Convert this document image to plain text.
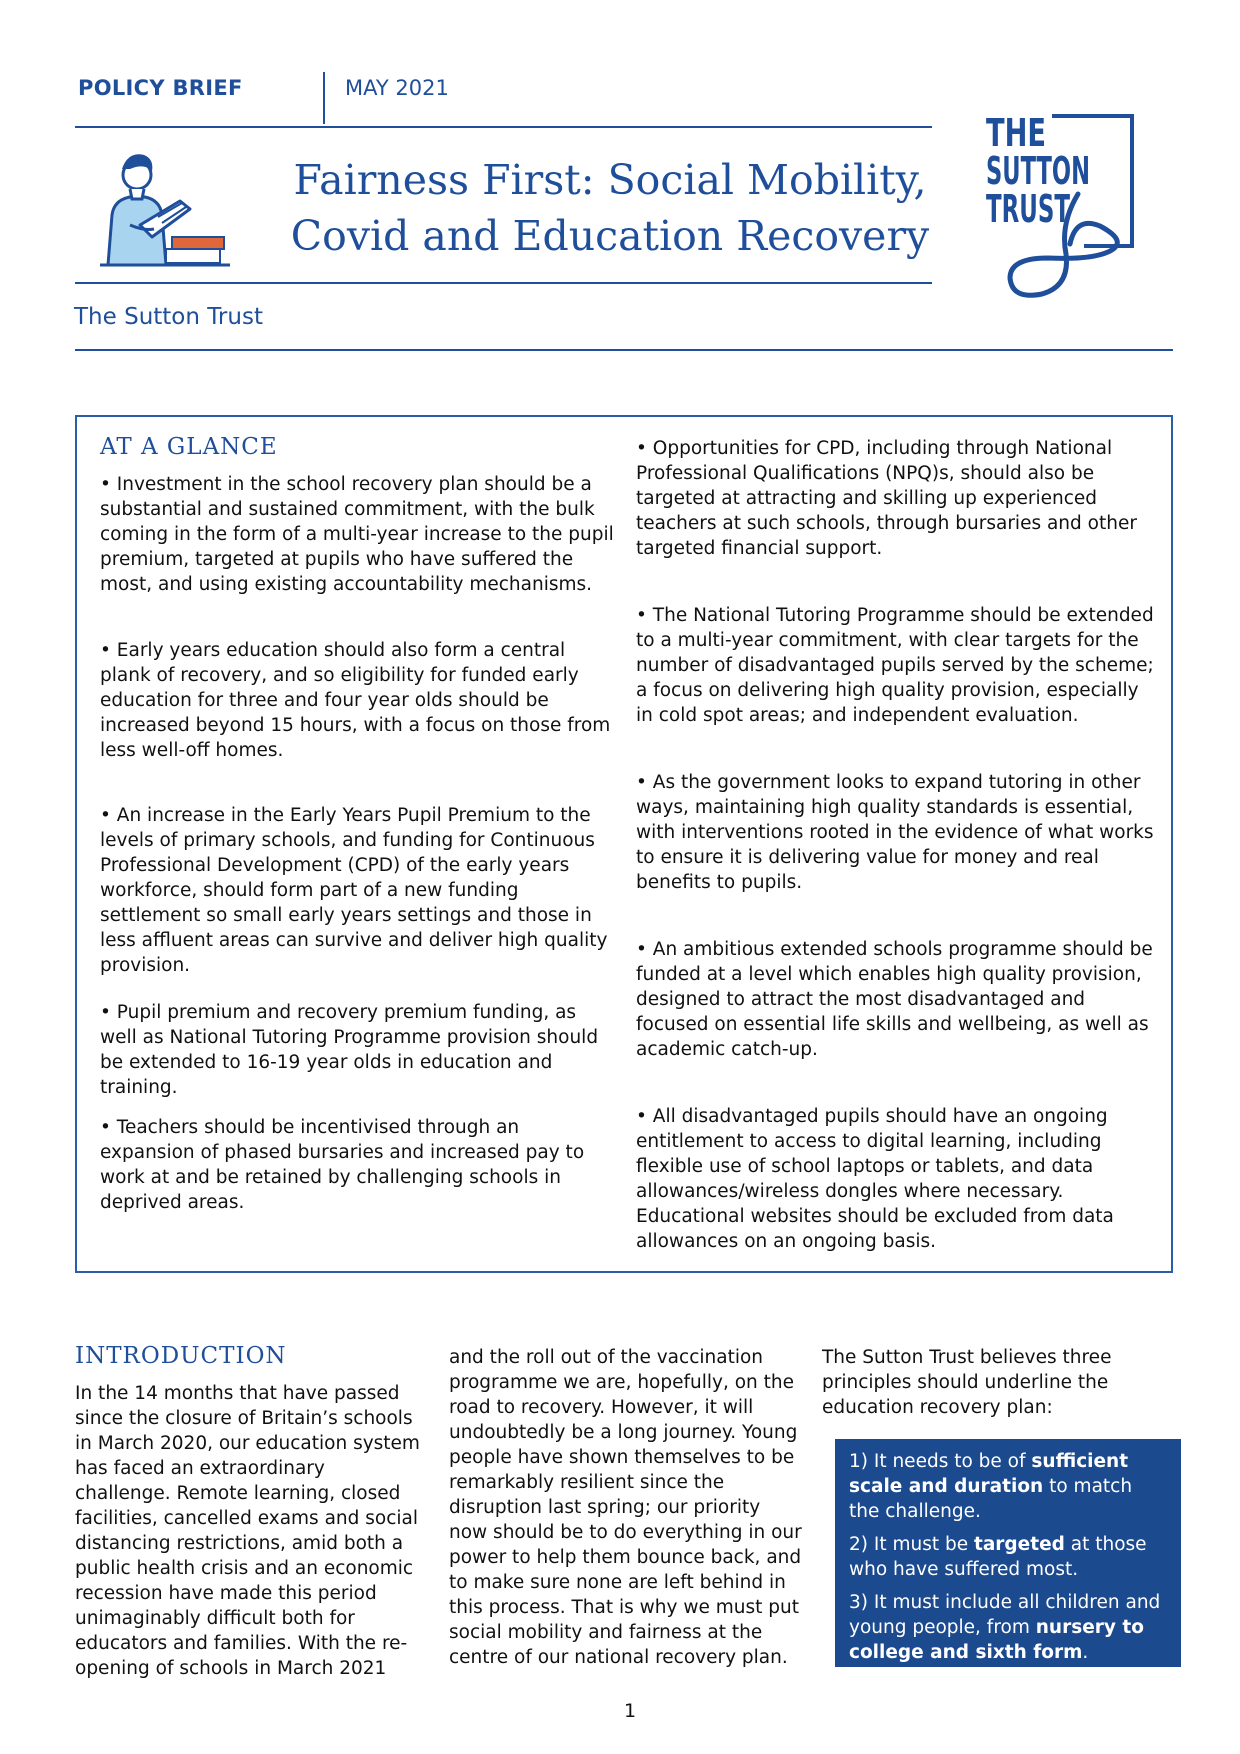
POLICY BRIEF	MAY 2021
Fairness First: Social Mobility,
Covid and Education Recovery
THE
SUTTON
TRUST
The Sutton Trust
AT A GLANCE
• Investment in the school recovery plan should be a substantial and sustained commitment, with the bulk coming in the form of a multi-year increase to the pupil premium, targeted at pupils who have suffered the most, and using existing accountability mechanisms.
• Early years education should also form a central plank of recovery, and so eligibility for funded early education for three and four year olds should be increased beyond 15 hours, with a focus on those from less well-off homes.
• An increase in the Early Years Pupil Premium to the levels of primary schools, and funding for Continuous Professional Development (CPD) of the early years workforce, should form part of a new funding settlement so small early years settings and those in less affluent areas can survive and deliver high quality provision.
• Pupil premium and recovery premium funding, as well as National Tutoring Programme provision should be extended to 16-19 year olds in education and training.
• Teachers should be incentivised through an expansion of phased bursaries and increased pay to work at and be retained by challenging schools in deprived areas.
• Opportunities for CPD, including through National Professional Qualifications (NPQ)s, should also be targeted at attracting and skilling up experienced teachers at such schools, through bursaries and other targeted financial support.
• The National Tutoring Programme should be extended to a multi-year commitment, with clear targets for the number of disadvantaged pupils served by the scheme; a focus on delivering high quality provision, especially in cold spot areas; and independent evaluation.
• As the government looks to expand tutoring in other ways, maintaining high quality standards is essential, with interventions rooted in the evidence of what works to ensure it is delivering value for money and real benefits to pupils.
• An ambitious extended schools programme should be funded at a level which enables high quality provision, designed to attract the most disadvantaged and focused on essential life skills and wellbeing, as well as academic catch-up.
• All disadvantaged pupils should have an ongoing entitlement to access to digital learning, including flexible use of school laptops or tablets, and data allowances/wireless dongles where necessary. Educational websites should be excluded from data allowances on an ongoing basis.
INTRODUCTION
In the 14 months that have passed since the closure of Britain’s schools in March 2020, our education system has faced an extraordinary challenge. Remote learning, closed facilities, cancelled exams and social distancing restrictions, amid both a public health crisis and an economic recession have made this period unimaginably difficult both for educators and families. With the re-opening of schools in March 2021
and the roll out of the vaccination programme we are, hopefully, on the road to recovery. However, it will undoubtedly be a long journey. Young people have shown themselves to be remarkably resilient since the disruption last spring; our priority now should be to do everything in our power to help them bounce back, and to make sure none are left behind in this process. That is why we must put social mobility and fairness at the centre of our national recovery plan.
The Sutton Trust believes three principles should underline the education recovery plan:

1) It needs to be of sufficient scale and duration to match the challenge.

2) It must be targeted at those who have suffered most.

3) It must include all children and young people, from nursery to college and sixth form.

1
